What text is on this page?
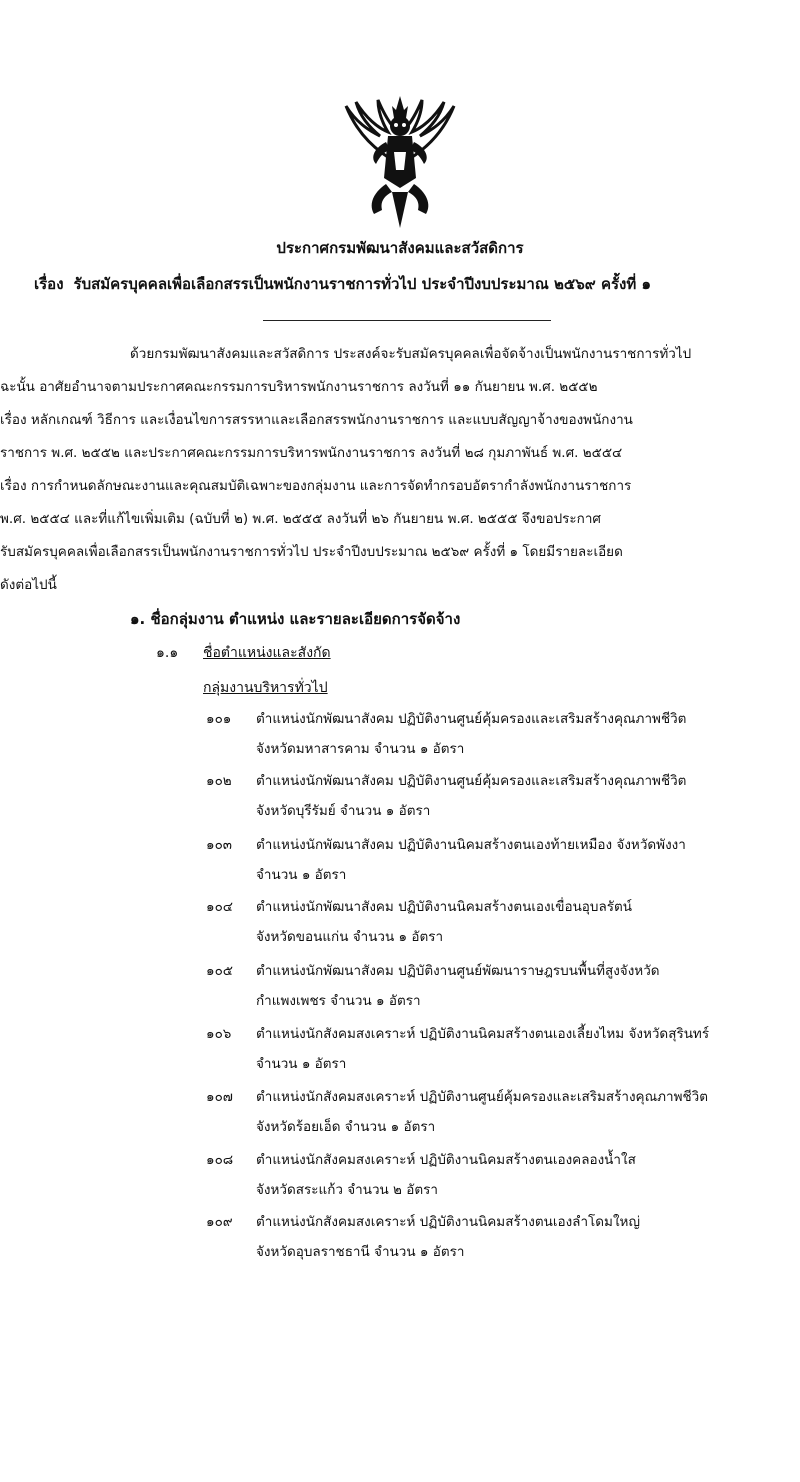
ประกาศกรมพัฒนาสังคมและสวัสดิการ
เรื่อง รับสมัครบุคคลเพื่อเลือกสรรเป็นพนักงานราชการทั่วไป ประจำปีงบประมาณ ๒๕๖๙ ครั้งที่ ๑
ด้วยกรมพัฒนาสังคมและสวัสดิการ ประสงค์จะรับสมัครบุคคลเพื่อจัดจ้างเป็นพนักงานราชการทั่วไป
ฉะนั้น อาศัยอำนาจตามประกาศคณะกรรมการบริหารพนักงานราชการ ลงวันที่ ๑๑ กันยายน พ.ศ. ๒๕๕๒
เรื่อง หลักเกณฑ์ วิธีการ และเงื่อนไขการสรรหาและเลือกสรรพนักงานราชการ และแบบสัญญาจ้างของพนักงาน
ราชการ พ.ศ. ๒๕๕๒ และประกาศคณะกรรมการบริหารพนักงานราชการ ลงวันที่ ๒๘ กุมภาพันธ์ พ.ศ. ๒๕๕๔
เรื่อง การกำหนดลักษณะงานและคุณสมบัติเฉพาะของกลุ่มงาน และการจัดทำกรอบอัตรากำลังพนักงานราชการ
พ.ศ. ๒๕๕๔ และที่แก้ไขเพิ่มเติม (ฉบับที่ ๒) พ.ศ. ๒๕๕๕ ลงวันที่ ๒๖ กันยายน พ.ศ. ๒๕๕๕ จึงขอประกาศ
รับสมัครบุคคลเพื่อเลือกสรรเป็นพนักงานราชการทั่วไป ประจำปีงบประมาณ ๒๕๖๙ ครั้งที่ ๑ โดยมีรายละเอียด
ดังต่อไปนี้
๑. ชื่อกลุ่มงาน ตำแหน่ง และรายละเอียดการจัดจ้าง
๑.๑ ชื่อตำแหน่งและสังกัด
กลุ่มงานบริหารทั่วไป
๑๐๑ ตำแหน่งนักพัฒนาสังคม ปฏิบัติงานศูนย์คุ้มครองและเสริมสร้างคุณภาพชีวิต
จังหวัดมหาสารคาม จำนวน ๑ อัตรา
๑๐๒ ตำแหน่งนักพัฒนาสังคม ปฏิบัติงานศูนย์คุ้มครองและเสริมสร้างคุณภาพชีวิต
จังหวัดบุรีรัมย์ จำนวน ๑ อัตรา
๑๐๓ ตำแหน่งนักพัฒนาสังคม ปฏิบัติงานนิคมสร้างตนเองท้ายเหมือง จังหวัดพังงา
จำนวน ๑ อัตรา
๑๐๔ ตำแหน่งนักพัฒนาสังคม ปฏิบัติงานนิคมสร้างตนเองเขื่อนอุบลรัตน์
จังหวัดขอนแก่น จำนวน ๑ อัตรา
๑๐๕ ตำแหน่งนักพัฒนาสังคม ปฏิบัติงานศูนย์พัฒนาราษฎรบนพื้นที่สูงจังหวัด
กำแพงเพชร จำนวน ๑ อัตรา
๑๐๖ ตำแหน่งนักสังคมสงเคราะห์ ปฏิบัติงานนิคมสร้างตนเองเลี้ยงไหม จังหวัดสุรินทร์
จำนวน ๑ อัตรา
๑๐๗ ตำแหน่งนักสังคมสงเคราะห์ ปฏิบัติงานศูนย์คุ้มครองและเสริมสร้างคุณภาพชีวิต
จังหวัดร้อยเอ็ด จำนวน ๑ อัตรา
๑๐๘ ตำแหน่งนักสังคมสงเคราะห์ ปฏิบัติงานนิคมสร้างตนเองคลองน้ำใส
จังหวัดสระแก้ว จำนวน ๒ อัตรา
๑๐๙ ตำแหน่งนักสังคมสงเคราะห์ ปฏิบัติงานนิคมสร้างตนเองลำโดมใหญ่
จังหวัดอุบลราชธานี จำนวน ๑ อัตรา
